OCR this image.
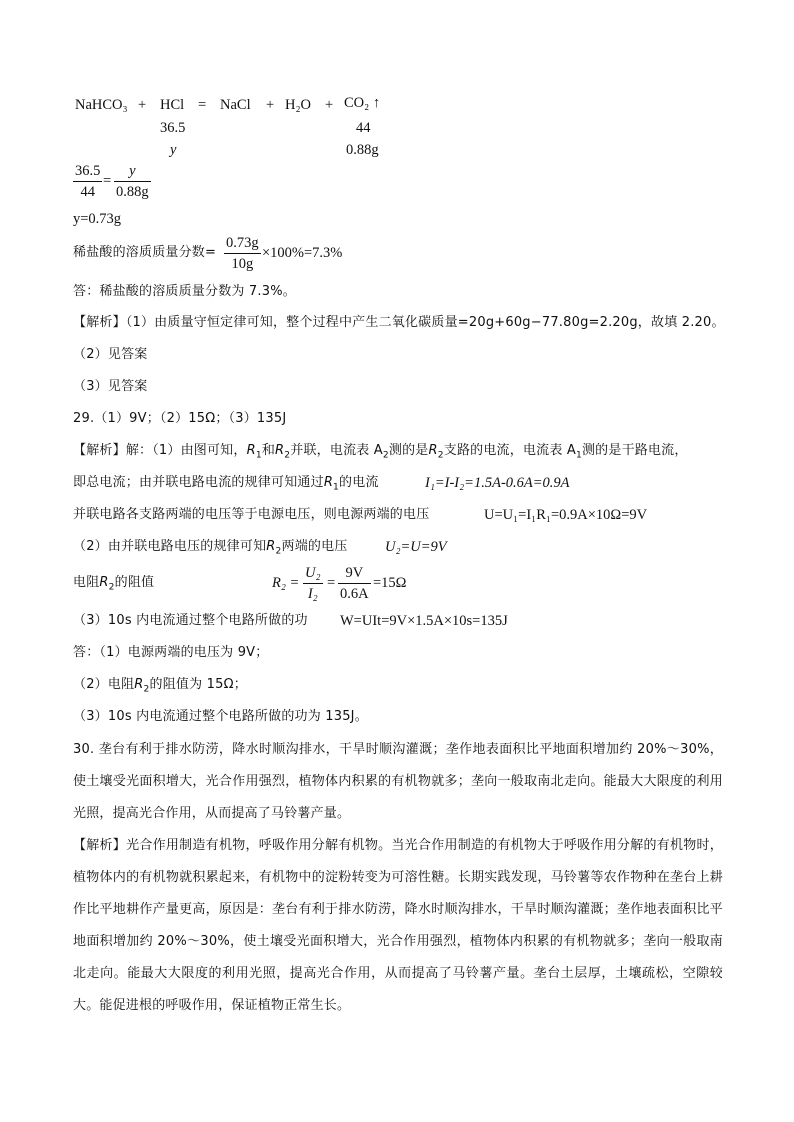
NaHCO₃ + HCl = NaCl + H₂O + CO₂ ↑
36.5
y
44
0.88g
36.5
44
=
y
0.88g
y=0.73g
稀盐酸的溶质质量分数=
0.73g
10g
×100%=7.3%
答：稀盐酸的溶质质量分数为 7.3%。
【解析】（1）由质量守恒定律可知，整个过程中产生二氧化碳质量=20g+60g−77.80g=2.20g，故填 2.20。
（2）见答案
（3）见答案
29.（1）9V；（2）15Ω；（3）135J
【解析】解：（1）由图可知，$R_1$和$R_2$并联，电流表 $A_2$测的是$R_2$支路的电流，电流表 $A_1$测的是干路电流，
即总电流；由并联电路电流的规律可知通过$R_1$的电流	I₁=I-I₂=1.5A-0.6A=0.9A
并联电路各支路两端的电压等于电源电压，则电源两端的电压	U=U₁=I₁R₁=0.9A×10Ω=9V
（2）由并联电路电压的规律可知$R_2$两端的电压	U₂=U=9V
电阻$R_2$的阻值	R₂ =
U₂
I₂
=
9V
0.6A
=15Ω
（3）10s 内电流通过整个电路所做的功 W=UIt=9V×1.5A×10s=135J
答：（1）电源两端的电压为 9V；
（2）电阻$R_2$的阻值为 15Ω；
（3）10s 内电流通过整个电路所做的功为 135J。
30. 垄台有利于排水防涝，降水时顺沟排水，干旱时顺沟灌溉；垄作地表面积比平地面积增加约 20%～30%，使土壤受光面积增大，光合作用强烈，植物体内积累的有机物就多；垄向一般取南北走向。能最大大限度的利用光照，提高光合作用，从而提高了马铃薯产量。
【解析】光合作用制造有机物，呼吸作用分解有机物。当光合作用制造的有机物大于呼吸作用分解的有机物时，植物体内的有机物就积累起来，有机物中的淀粉转变为可溶性糖。长期实践发现，马铃薯等农作物种在垄台上耕作比平地耕作产量更高，原因是：垄台有利于排水防涝，降水时顺沟排水，干旱时顺沟灌溉；垄作地表面积比平地面积增加约 20%～30%，使土壤受光面积增大，光合作用强烈，植物体内积累的有机物就多；垄向一般取南北走向。能最大大限度的利用光照，提高光合作用，从而提高了马铃薯产量。垄台土层厚，土壤疏松，空隙较大。能促进根的呼吸作用，保证植物正常生长。
